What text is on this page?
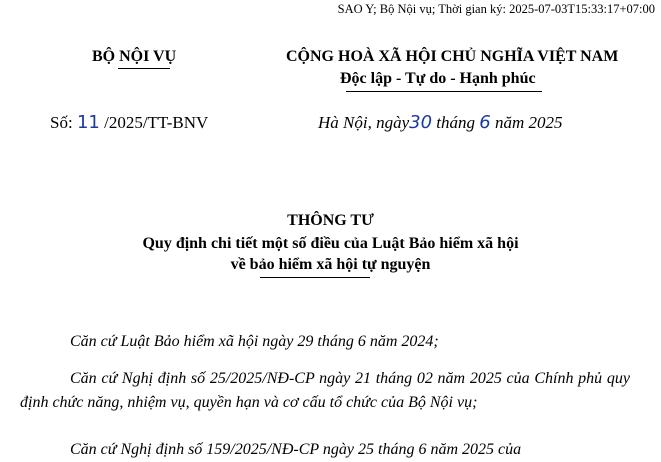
SAO Y; Bộ Nội vụ; Thời gian ký: 2025-07-03T15:33:17+07:00
BỘ NỘI VỤ	CỘNG HOÀ XÃ HỘI CHỦ NGHĨA VIỆT NAM
Độc lập - Tự do - Hạnh phúc
Số: 11 /2025/TT-BNV	Hà Nội, ngày30 tháng 6 năm 2025
THÔNG TƯ
Quy định chi tiết một số điều của Luật Bảo hiểm xã hội
về bảo hiểm xã hội tự nguyện
Căn cứ Luật Bảo hiểm xã hội ngày 29 tháng 6 năm 2024;
Căn cứ Nghị định số 25/2025/NĐ-CP ngày 21 tháng 02 năm 2025 của Chính phủ quy định chức năng, nhiệm vụ, quyền hạn và cơ cấu tổ chức của Bộ Nội vụ;
Căn cứ Nghị định số 159/2025/NĐ-CP ngày 25 tháng 6 năm 2025 của
